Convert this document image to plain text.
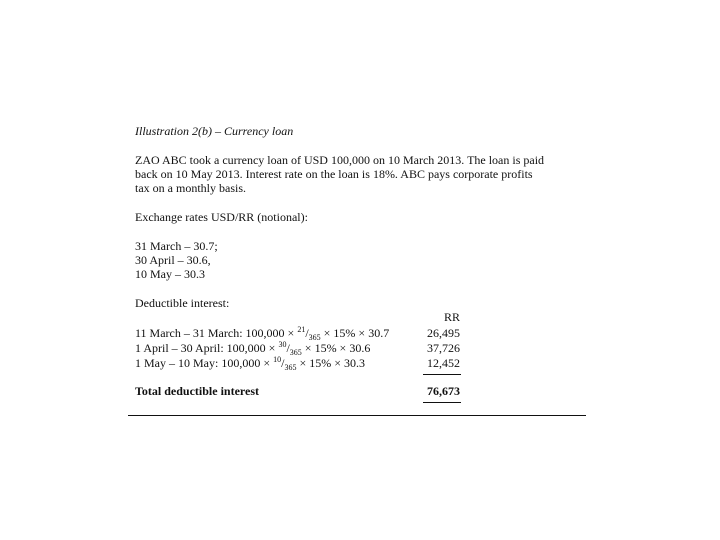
Illustration 2(b) – Currency loan
ZAO ABC took a currency loan of USD 100,000 on 10 March 2013. The loan is paid
back on 10 May 2013. Interest rate on the loan is 18%. ABC pays corporate profits
tax on a monthly basis.
Exchange rates USD/RR (notional):
31 March – 30.7;
30 April – 30.6,
10 May – 30.3
Deductible interest:
RR
11 March – 31 March: $100,000 \times ^{21}/_{365} \times 15\% \times 30.7$	26,495
1 April – 30 April: $100,000 \times ^{30}/_{365} \times 15\% \times 30.6$	37,726
1 May – 10 May: $100,000 \times ^{10}/_{365} \times 15\% \times 30.3$	12,452
Total deductible interest	76,673
